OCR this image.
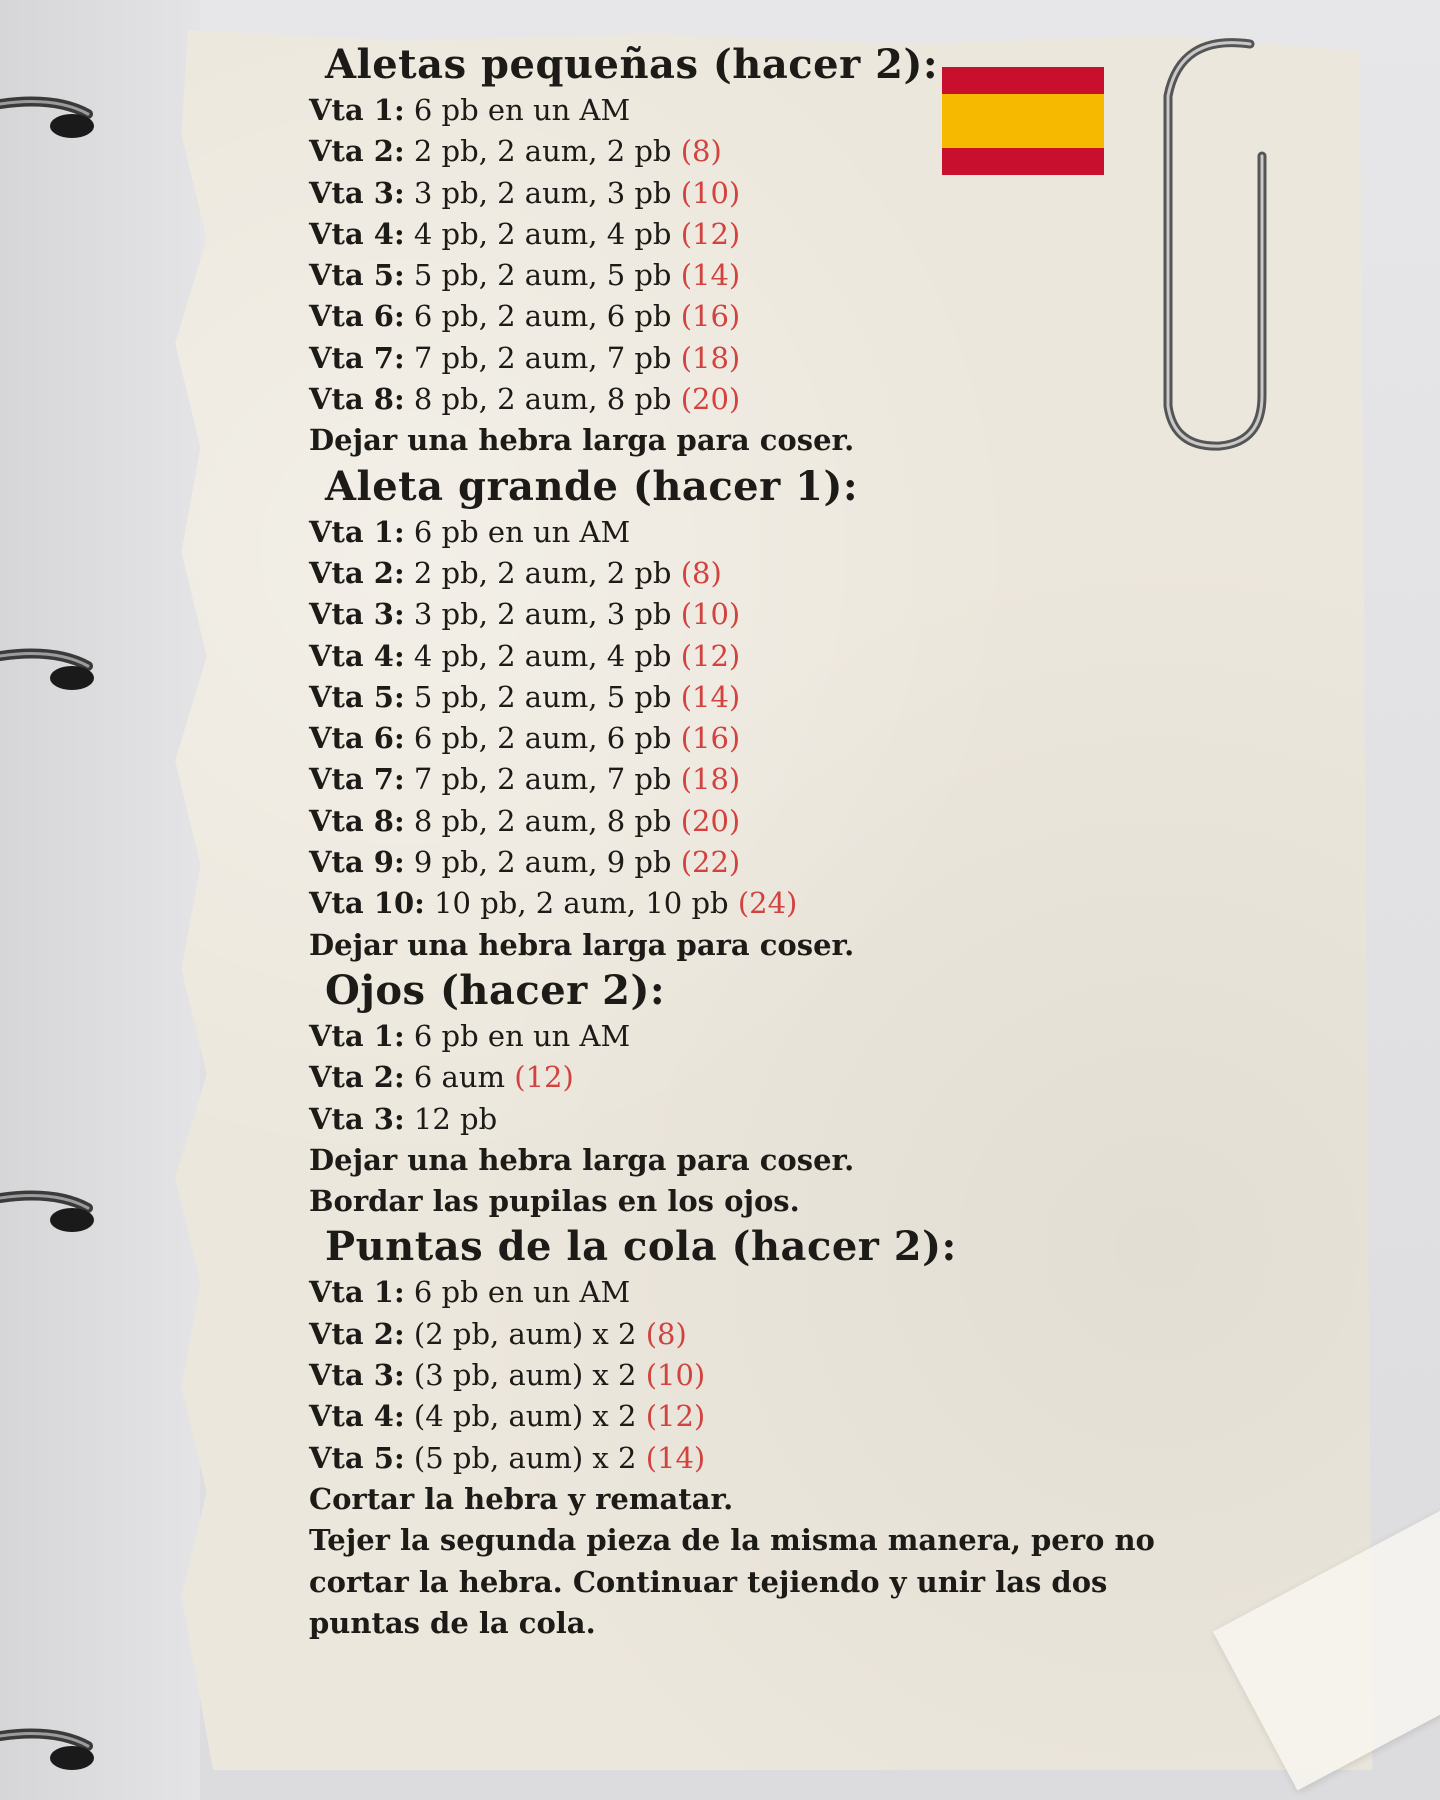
Aletas pequeñas (hacer 2):
Vta 1: 6 pb en un AM
Vta 2: 2 pb, 2 aum, 2 pb (8)
Vta 3: 3 pb, 2 aum, 3 pb (10)
Vta 4: 4 pb, 2 aum, 4 pb (12)
Vta 5: 5 pb, 2 aum, 5 pb (14)
Vta 6: 6 pb, 2 aum, 6 pb (16)
Vta 7: 7 pb, 2 aum, 7 pb (18)
Vta 8: 8 pb, 2 aum, 8 pb (20)
Dejar una hebra larga para coser.
Aleta grande (hacer 1):
Vta 1: 6 pb en un AM
Vta 2: 2 pb, 2 aum, 2 pb (8)
Vta 3: 3 pb, 2 aum, 3 pb (10)
Vta 4: 4 pb, 2 aum, 4 pb (12)
Vta 5: 5 pb, 2 aum, 5 pb (14)
Vta 6: 6 pb, 2 aum, 6 pb (16)
Vta 7: 7 pb, 2 aum, 7 pb (18)
Vta 8: 8 pb, 2 aum, 8 pb (20)
Vta 9: 9 pb, 2 aum, 9 pb (22)
Vta 10: 10 pb, 2 aum, 10 pb (24)
Dejar una hebra larga para coser.
Ojos (hacer 2):
Vta 1: 6 pb en un AM
Vta 2: 6 aum (12)
Vta 3: 12 pb
Dejar una hebra larga para coser.
Bordar las pupilas en los ojos.
Puntas de la cola (hacer 2):
Vta 1: 6 pb en un AM
Vta 2: (2 pb, aum) x 2 (8)
Vta 3: (3 pb, aum) x 2 (10)
Vta 4: (4 pb, aum) x 2 (12)
Vta 5: (5 pb, aum) x 2 (14)
Cortar la hebra y rematar.
Tejer la segunda pieza de la misma manera, pero no
cortar la hebra. Continuar tejiendo y unir las dos
puntas de la cola.
